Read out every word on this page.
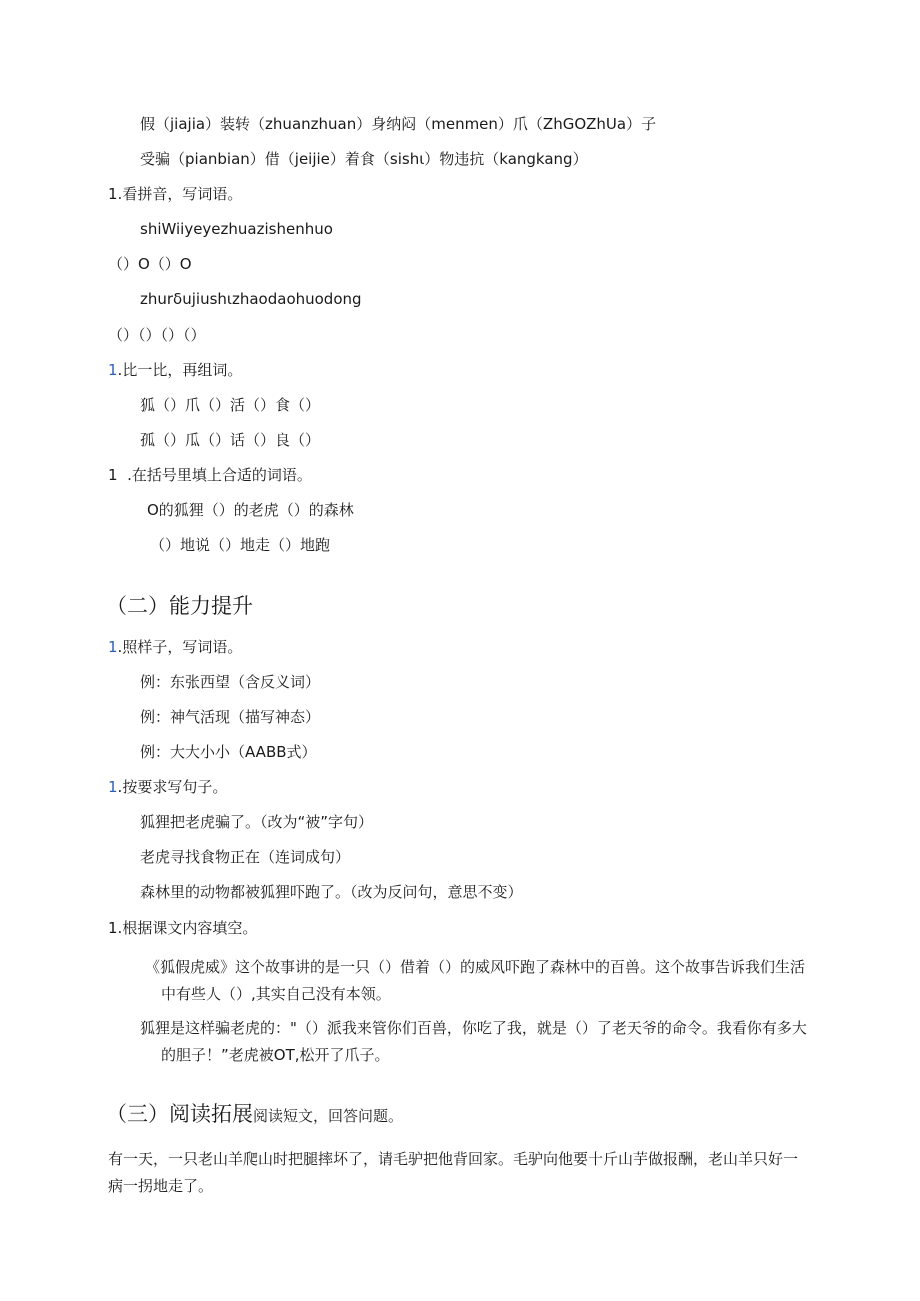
假（jiajia）装转（zhuanzhuan）身纳闷（menmen）爪（ZhGOZhUa）子
受骗（pianbian）借（jeijie）着食（sishι）物违抗（kangkang）
1.看拼音，写词语。
shiWiiyeyezhuazishenhuo
（）O（）O
zhurδujiushιzhaodaohuodong
（）（）（）（）
1.比一比，再组词。
狐（）爪（）活（）食（）
孤（）瓜（）话（）良（）
1  .在括号里填上合适的词语。
O的狐狸（）的老虎（）的森林
（）地说（）地走（）地跑
（二）能力提升
1.照样子，写词语。
例：东张西望（含反义词）
例：神气活现（描写神态）
例：大大小小（AABB式）
1.按要求写句子。
狐狸把老虎骗了。（改为“被”字句）
老虎寻找食物正在（连词成句）
森林里的动物都被狐狸吓跑了。（改为反问句，意思不变）
1.根据课文内容填空。
《狐假虎威》这个故事讲的是一只（）借着（）的威风吓跑了森林中的百兽。这个故事告诉我们生活中有些人（）,其实自己没有本领。
狐狸是这样骗老虎的："（）派我来管你们百兽，你吃了我，就是（）了老天爷的命令。我看你有多大的胆子！”老虎被OT,松开了爪子。
（三）阅读拓展阅读短文，回答问题。
有一天，一只老山羊爬山时把腿摔坏了，请毛驴把他背回家。毛驴向他要十斤山芋做报酬，老山羊只好一病一拐地走了。
